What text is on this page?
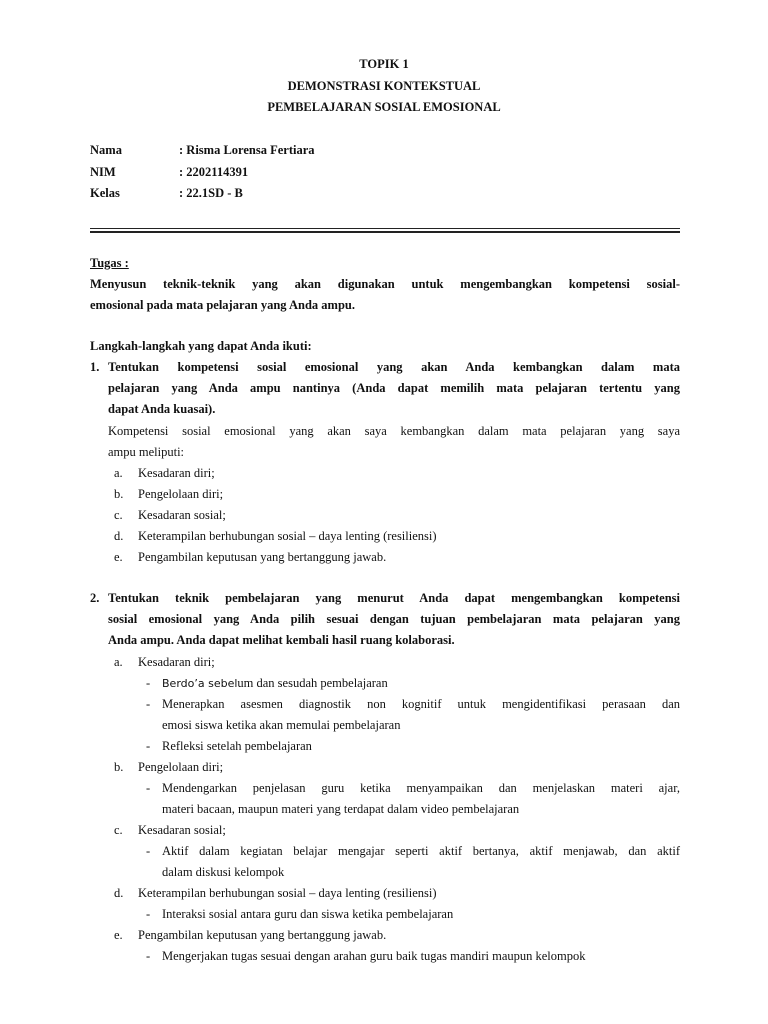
TOPIK 1
DEMONSTRASI KONTEKSTUAL
PEMBELAJARAN SOSIAL EMOSIONAL
Nama	: Risma Lorensa Fertiara
NIM	: 2202114391
Kelas	: 22.1SD - B
Tugas :
Menyusun teknik-teknik yang akan digunakan untuk mengembangkan kompetensi sosial-
emosional pada mata pelajaran yang Anda ampu.
Langkah-langkah yang dapat Anda ikuti:
1. Tentukan kompetensi sosial emosional yang akan Anda kembangkan dalam mata
pelajaran yang Anda ampu nantinya (Anda dapat memilih mata pelajaran tertentu yang
dapat Anda kuasai).
Kompetensi sosial emosional yang akan saya kembangkan dalam mata pelajaran yang saya
ampu meliputi:
a. Kesadaran diri;
b. Pengelolaan diri;
c. Kesadaran sosial;
d. Keterampilan berhubungan sosial – daya lenting (resiliensi)
e. Pengambilan keputusan yang bertanggung jawab.
2. Tentukan teknik pembelajaran yang menurut Anda dapat mengembangkan kompetensi
sosial emosional yang Anda pilih sesuai dengan tujuan pembelajaran mata pelajaran yang
Anda ampu. Anda dapat melihat kembali hasil ruang kolaborasi.
a. Kesadaran diri;
- Berdo’a sebelum dan sesudah pembelajaran
- Menerapkan asesmen diagnostik non kognitif untuk mengidentifikasi perasaan dan
emosi siswa ketika akan memulai pembelajaran
- Refleksi setelah pembelajaran
b. Pengelolaan diri;
- Mendengarkan penjelasan guru ketika menyampaikan dan menjelaskan materi ajar,
materi bacaan, maupun materi yang terdapat dalam video pembelajaran
c. Kesadaran sosial;
- Aktif dalam kegiatan belajar mengajar seperti aktif bertanya, aktif menjawab, dan aktif
dalam diskusi kelompok
d. Keterampilan berhubungan sosial – daya lenting (resiliensi)
- Interaksi sosial antara guru dan siswa ketika pembelajaran
e. Pengambilan keputusan yang bertanggung jawab.
- Mengerjakan tugas sesuai dengan arahan guru baik tugas mandiri maupun kelompok
